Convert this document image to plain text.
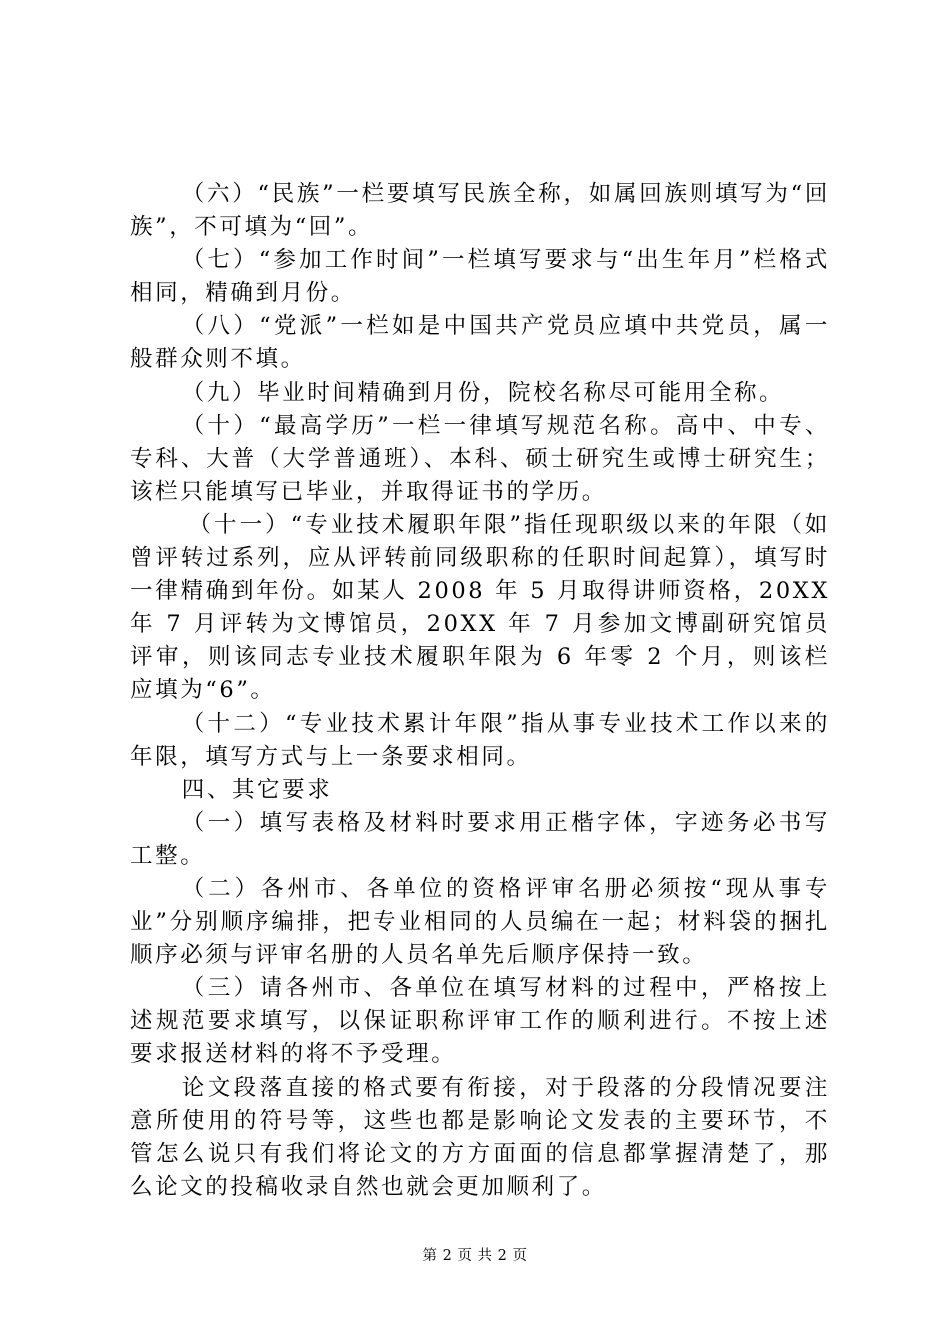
（六）“民族”一栏要填写民族全称，如属回族则填写为“回族”，不可填为“回”。

（七）“参加工作时间”一栏填写要求与“出生年月”栏格式相同，精确到月份。

（八）“党派”一栏如是中国共产党员应填中共党员，属一般群众则不填。

（九）毕业时间精确到月份，院校名称尽可能用全称。

（十）“最高学历”一栏一律填写规范名称。高中、中专、专科、大普（大学普通班）、本科、硕士研究生或博士研究生；该栏只能填写已毕业，并取得证书的学历。

（十一）“专业技术履职年限”指任现职级以来的年限（如曾评转过系列，应从评转前同级职称的任职时间起算），填写时一律精确到年份。如某人 2008 年 5 月取得讲师资格，20XX 年 7 月评转为文博馆员，20XX 年 7 月参加文博副研究馆员评审，则该同志专业技术履职年限为 6 年零 2 个月，则该栏应填为“6”。

（十二）“专业技术累计年限”指从事专业技术工作以来的年限，填写方式与上一条要求相同。

四、其它要求

（一）填写表格及材料时要求用正楷字体，字迹务必书写工整。

（二）各州市、各单位的资格评审名册必须按“现从事专业”分别顺序编排，把专业相同的人员编在一起；材料袋的捆扎顺序必须与评审名册的人员名单先后顺序保持一致。

（三）请各州市、各单位在填写材料的过程中，严格按上述规范要求填写，以保证职称评审工作的顺利进行。不按上述要求报送材料的将不予受理。

论文段落直接的格式要有衔接，对于段落的分段情况要注意所使用的符号等，这些也都是影响论文发表的主要环节，不管怎么说只有我们将论文的方方面面的信息都掌握清楚了，那么论文的投稿收录自然也就会更加顺利了。

第 2 页 共 2 页
